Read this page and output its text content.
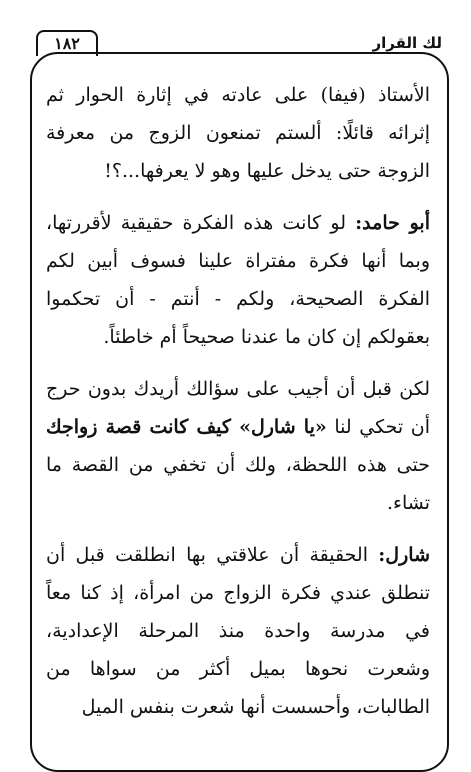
١٨٢	لك القرار

الأستاذ (فيفا) على عادته في إثارة الحوار ثم إثرائه قائلًا: ألستم تمنعون الزوج من معرفة الزوجة حتى يدخل عليها وهو لا يعرفها...؟!

أبو حامد: لو كانت هذه الفكرة حقيقية لأقررتها، وبما أنها فكرة مفتراة علينا فسوف أبين لكم الفكرة الصحيحة، ولكم - أنتم - أن تحكموا بعقولكم إن كان ما عندنا صحيحاً أم خاطئاً.

لكن قبل أن أجيب على سؤالك أريدك بدون حرج أن تحكي لنا «يا شارل» كيف كانت قصة زواجك حتى هذه اللحظة، ولك أن تخفي من القصة ما تشاء.

شارل: الحقيقة أن علاقتي بها انطلقت قبل أن تنطلق عندي فكرة الزواج من امرأة، إذ كنا معاً في مدرسة واحدة منذ المرحلة الإعدادية، وشعرت نحوها بميل أكثر من سواها من الطالبات، وأحسست أنها شعرت بنفس الميل
